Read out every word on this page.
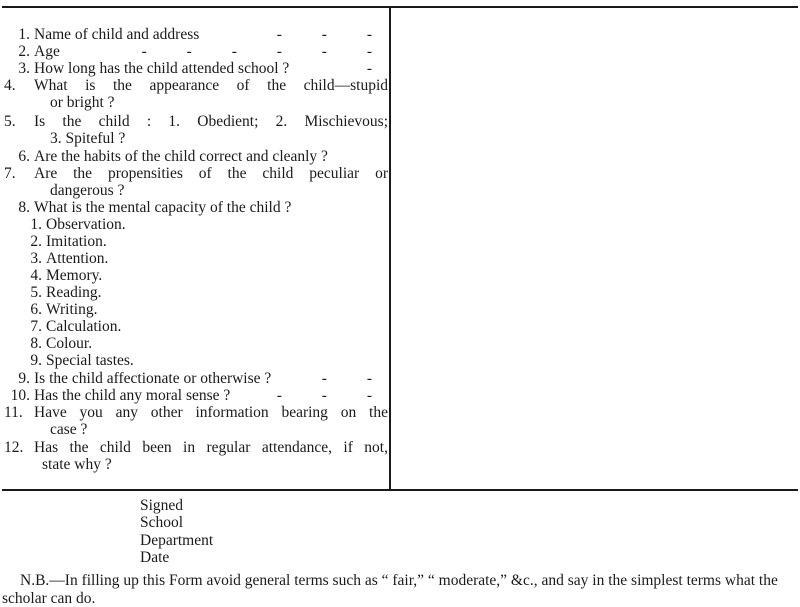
1. Name of child and address	- - -
2. Age	- - - - - -
3. How long has the child attended school ?	-
4.	What is the appearance of the child—stupid
or bright ?
5.	Is the child : 1. Obedient; 2. Mischievous;
3. Spiteful ?
6. Are the habits of the child correct and cleanly ?
7.	Are the propensities of the child peculiar or
dangerous ?
8. What is the mental capacity of the child ?
1. Observation.
2. Imitation.
3. Attention.
4. Memory.
5. Reading.
6. Writing.
7. Calculation.
8. Colour.
9. Special tastes.
9. Is the child affectionate or otherwise ?	- -
10. Has the child any moral sense ?	- - -
11. Have you any other information bearing on the
case ?
12. Has the child been in regular attendance, if not,
state why ?
Signed
School
Department
Date
N.B.—In filling up this Form avoid general terms such as “ fair,” “ moderate,” &c., and say in the simplest terms what the scholar can do.
